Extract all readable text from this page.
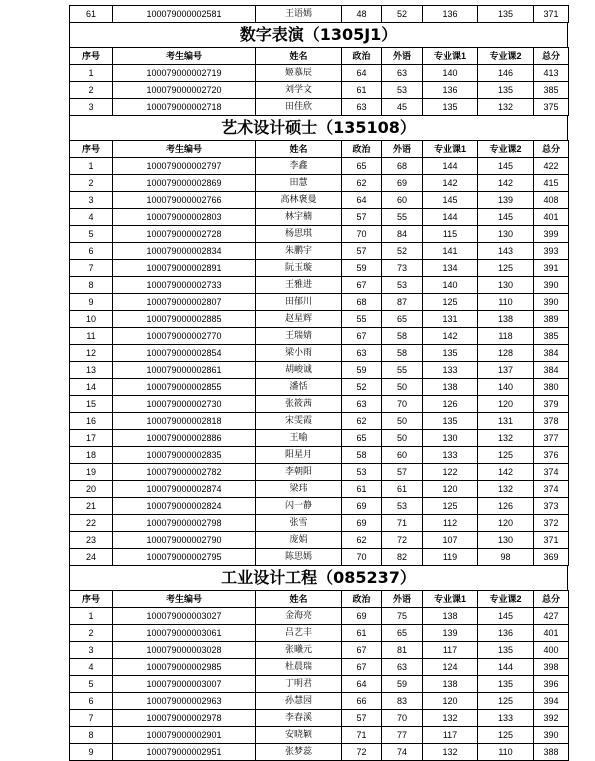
61	100079000002581	王语嫣	48	52	136	135	371
数字表演（1305J1）
序号	考生编号	姓名	政治	外语	专业课1	专业课2	总分
1	100079000002719	姬慕辰	64	63	140	146	413
2	100079000002720	刘学文	61	53	136	135	385
3	100079000002718	田佳欣	63	45	135	132	375
艺术设计硕士（135108）
序号	考生编号	姓名	政治	外语	专业课1	专业课2	总分
1	100079000002797	李鑫	65	68	144	145	422
2	100079000002869	田慧	62	69	142	142	415
3	100079000002766	高林褒曼	64	60	145	139	408
4	100079000002803	林宇楠	57	55	144	145	401
5	100079000002728	杨思琪	70	84	115	130	399
6	100079000002834	朱鹏宇	57	52	141	143	393
7	100079000002891	阮玉璇	59	73	134	125	391
8	100079000002733	王雅进	67	53	140	130	390
9	100079000002807	田郁川	68	87	125	110	390
10	100079000002885	赵星辉	55	65	131	138	389
11	100079000002770	王瑞婧	67	58	142	118	385
12	100079000002854	梁小雨	63	58	135	128	384
13	100079000002861	胡峻诚	59	55	133	137	384
14	100079000002855	潘恬	52	50	138	140	380
15	100079000002730	张筱茜	63	70	126	120	379
16	100079000002818	宋雯霞	62	50	135	131	378
17	100079000002886	王喻	65	50	130	132	377
18	100079000002835	阳星月	58	60	133	125	376
19	100079000002782	李朝阳	53	57	122	142	374
20	100079000002874	梁玮	61	61	120	132	374
21	100079000002824	闪一静	69	53	125	126	373
22	100079000002798	张雪	69	71	112	120	372
23	100079000002790	庞娟	62	72	107	130	371
24	100079000002795	陈思嫣	70	82	119	98	369
工业设计工程（085237）
序号	考生编号	姓名	政治	外语	专业课1	专业课2	总分
1	100079000003027	金海亮	69	75	138	145	427
2	100079000003061	吕艺丰	61	65	139	136	401
3	100079000003028	张曦元	67	81	117	135	400
4	100079000002985	杜晨瑞	67	63	124	144	398
5	100079000003007	丁明君	64	59	138	135	396
6	100079000002963	孙慧园	66	83	120	125	394
7	100079000002978	李春溪	57	70	132	133	392
8	100079000002901	安晓颖	71	77	117	125	390
9	100079000002951	张梦蕊	72	74	132	110	388
